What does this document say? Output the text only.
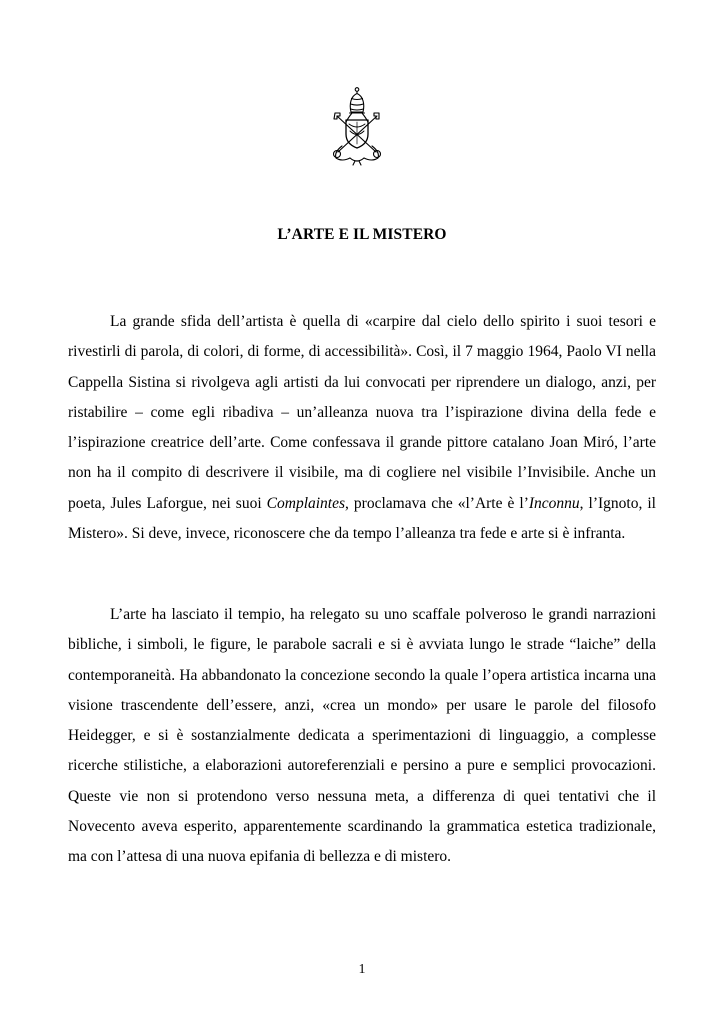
L’ARTE E IL MISTERO

La grande sfida dell’artista è quella di «carpire dal cielo dello spirito i suoi tesori e rivestirli di parola, di colori, di forme, di accessibilità». Così, il 7 maggio 1964, Paolo VI nella Cappella Sistina si rivolgeva agli artisti da lui convocati per riprendere un dialogo, anzi, per ristabilire – come egli ribadiva – un’alleanza nuova tra l’ispirazione divina della fede e l’ispirazione creatrice dell’arte. Come confessava il grande pittore catalano Joan Miró, l’arte non ha il compito di descrivere il visibile, ma di cogliere nel visibile l’Invisibile. Anche un poeta, Jules Laforgue, nei suoi Complaintes, proclamava che «l’Arte è l’Inconnu, l’Ignoto, il Mistero». Si deve, invece, riconoscere che da tempo l’alleanza tra fede e arte si è infranta.

L’arte ha lasciato il tempio, ha relegato su uno scaffale polveroso le grandi narrazioni bibliche, i simboli, le figure, le parabole sacrali e si è avviata lungo le strade “laiche” della contemporaneità. Ha abbandonato la concezione secondo la quale l’opera artistica incarna una visione trascendente dell’essere, anzi, «crea un mondo» per usare le parole del filosofo Heidegger, e si è sostanzialmente dedicata a sperimentazioni di linguaggio, a complesse ricerche stilistiche, a elaborazioni autoreferenziali e persino a pure e semplici provocazioni. Queste vie non si protendono verso nessuna meta, a differenza di quei tentativi che il Novecento aveva esperito, apparentemente scardinando la grammatica estetica tradizionale, ma con l’attesa di una nuova epifania di bellezza e di mistero.

1
